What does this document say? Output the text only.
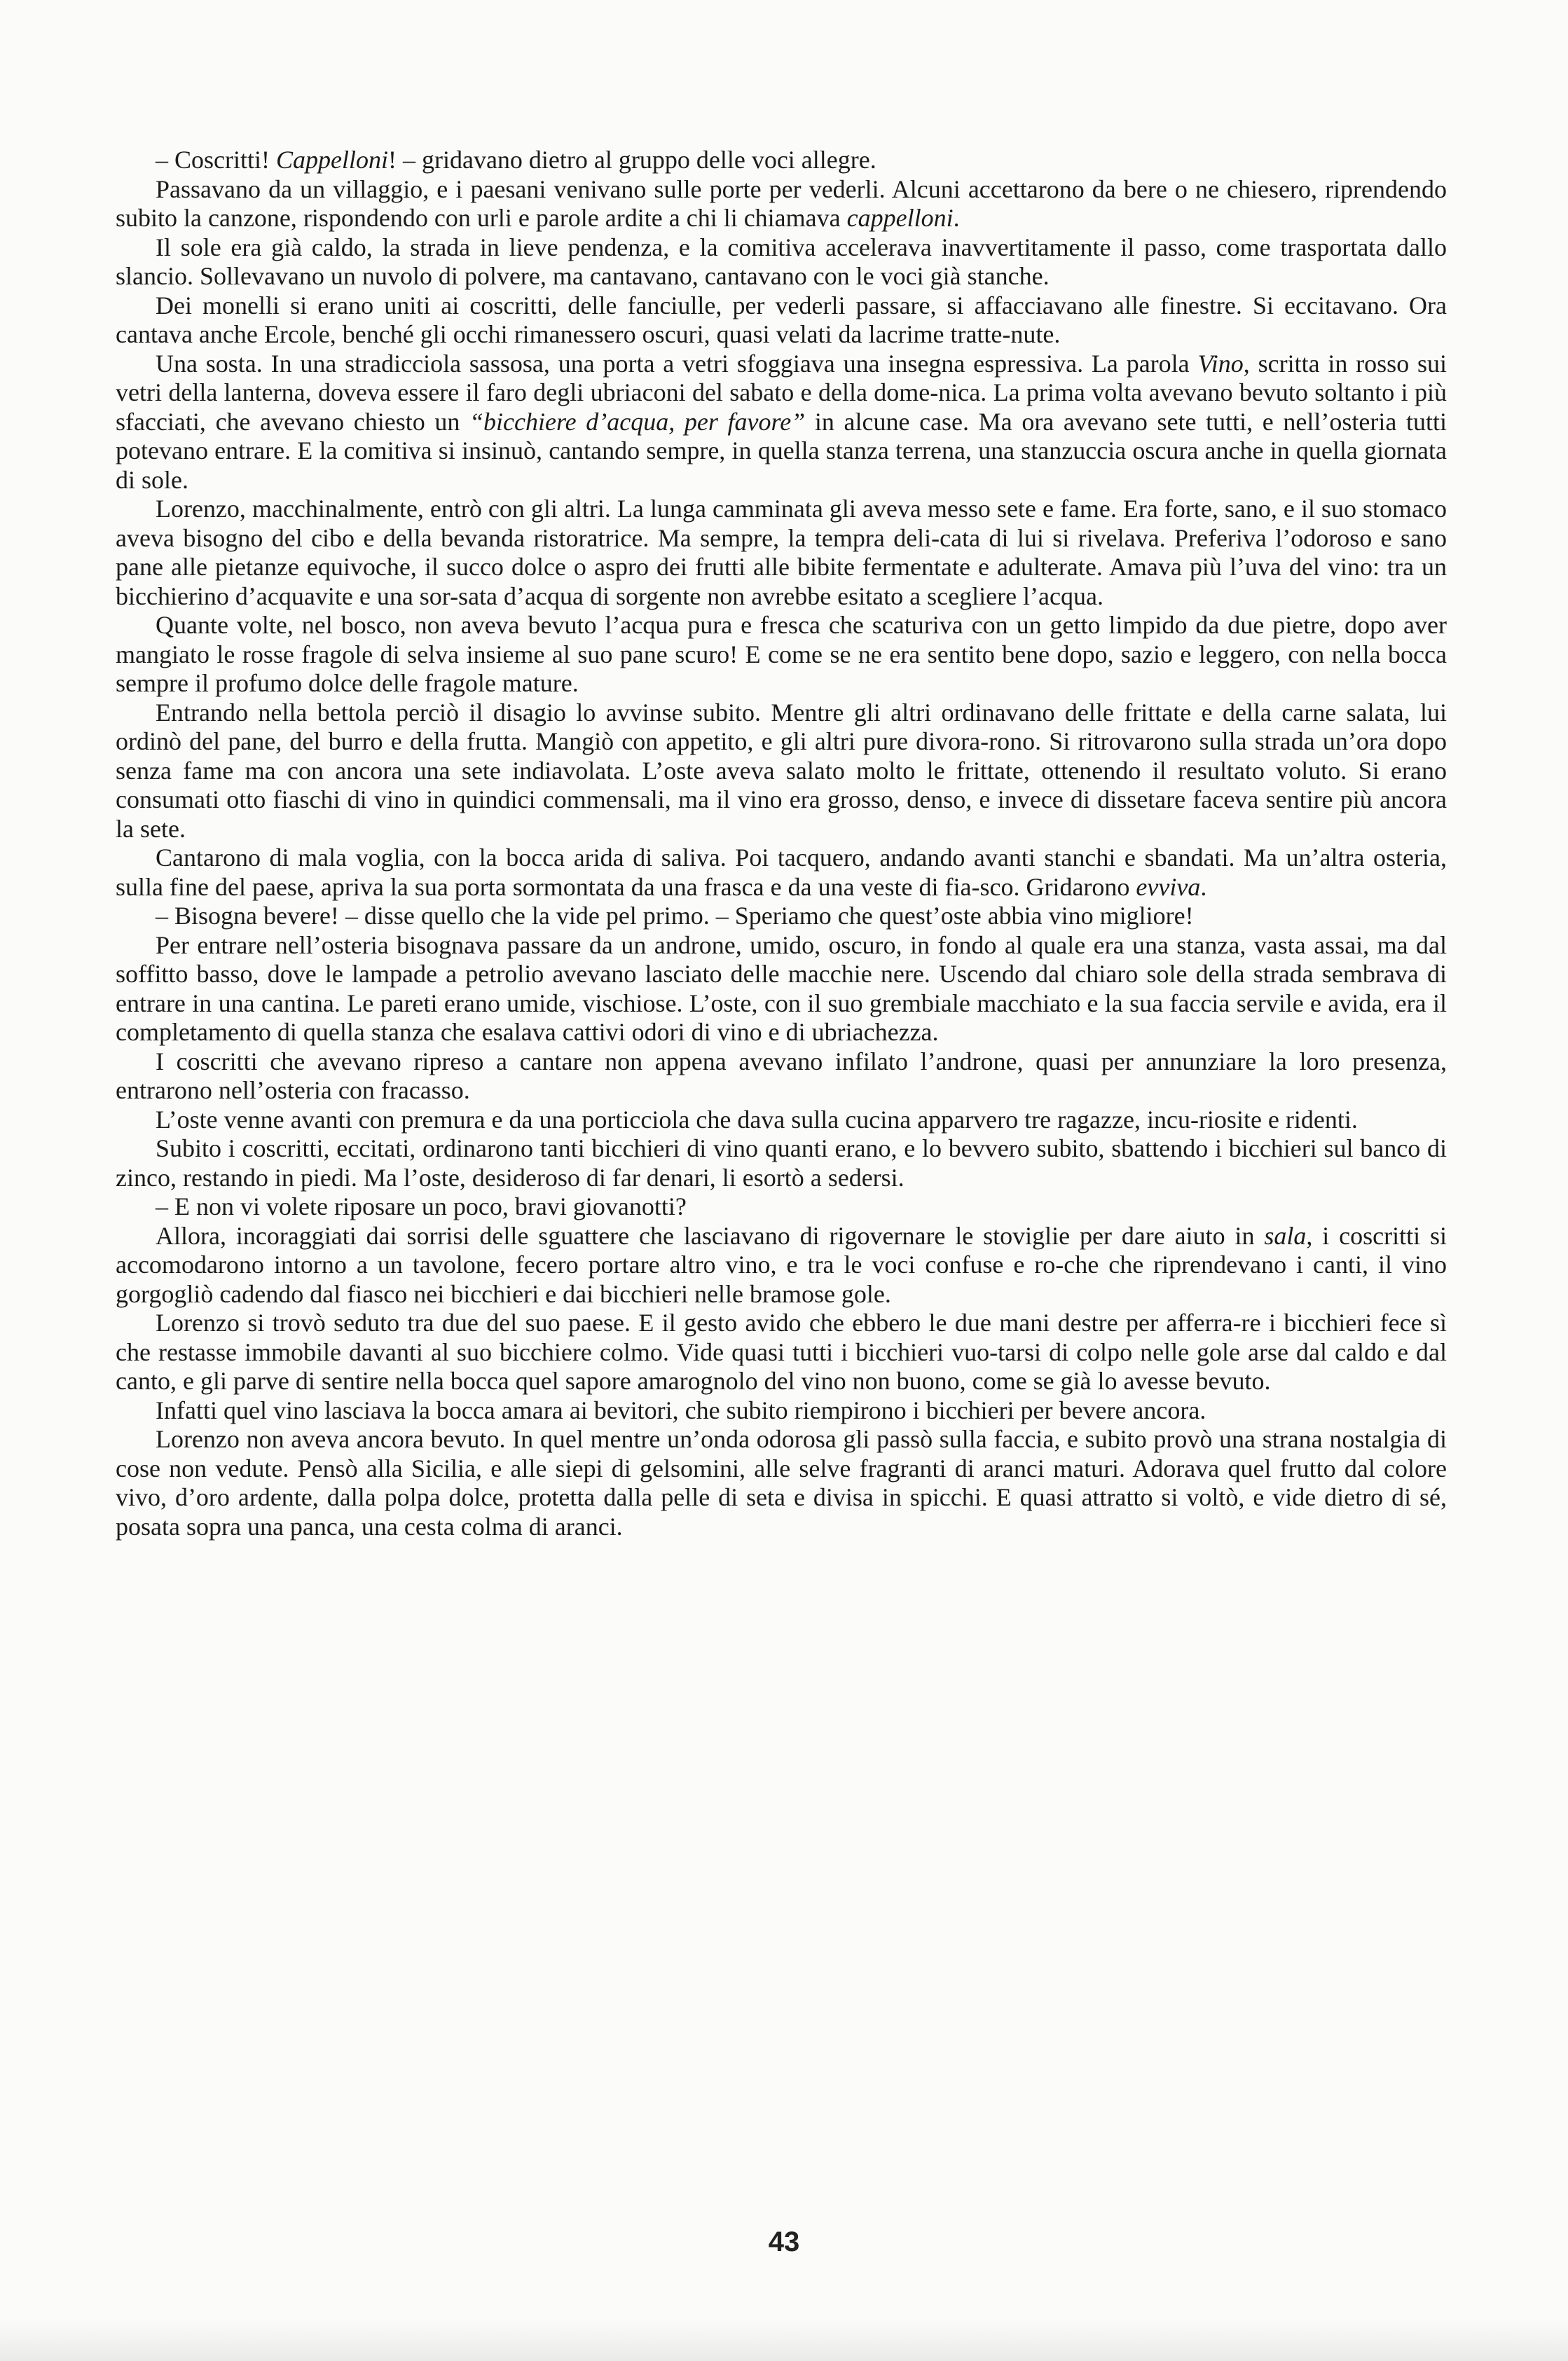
– Coscritti! Cappelloni! – gridavano dietro al gruppo delle voci allegre.

Passavano da un villaggio, e i paesani venivano sulle porte per vederli. Alcuni accettarono da bere o ne chiesero, riprendendo subito la canzone, rispondendo con urli e parole ardite a chi li chiamava cappelloni.

Il sole era già caldo, la strada in lieve pendenza, e la comitiva accelerava inavvertitamente il passo, come trasportata dallo slancio. Sollevavano un nuvolo di polvere, ma cantavano, cantavano con le voci già stanche.

Dei monelli si erano uniti ai coscritti, delle fanciulle, per vederli passare, si affacciavano alle finestre. Si eccitavano. Ora cantava anche Ercole, benché gli occhi rimanessero oscuri, quasi velati da lacrime tratte-nute.

Una sosta. In una stradicciola sassosa, una porta a vetri sfoggiava una insegna espressiva. La parola Vino, scritta in rosso sui vetri della lanterna, doveva essere il faro degli ubriaconi del sabato e della dome-nica. La prima volta avevano bevuto soltanto i più sfacciati, che avevano chiesto un “bicchiere d’acqua, per favore” in alcune case. Ma ora avevano sete tutti, e nell’osteria tutti potevano entrare. E la comitiva si insinuò, cantando sempre, in quella stanza terrena, una stanzuccia oscura anche in quella giornata di sole.

Lorenzo, macchinalmente, entrò con gli altri. La lunga camminata gli aveva messo sete e fame. Era forte, sano, e il suo stomaco aveva bisogno del cibo e della bevanda ristoratrice. Ma sempre, la tempra deli-cata di lui si rivelava. Preferiva l’odoroso e sano pane alle pietanze equivoche, il succo dolce o aspro dei frutti alle bibite fermentate e adulterate. Amava più l’uva del vino: tra un bicchierino d’acquavite e una sor-sata d’acqua di sorgente non avrebbe esitato a scegliere l’acqua.

Quante volte, nel bosco, non aveva bevuto l’acqua pura e fresca che scaturiva con un getto limpido da due pietre, dopo aver mangiato le rosse fragole di selva insieme al suo pane scuro! E come se ne era sentito bene dopo, sazio e leggero, con nella bocca sempre il profumo dolce delle fragole mature.

Entrando nella bettola perciò il disagio lo avvinse subito. Mentre gli altri ordinavano delle frittate e della carne salata, lui ordinò del pane, del burro e della frutta. Mangiò con appetito, e gli altri pure divora-rono. Si ritrovarono sulla strada un’ora dopo senza fame ma con ancora una sete indiavolata. L’oste aveva salato molto le frittate, ottenendo il resultato voluto. Si erano consumati otto fiaschi di vino in quindici commensali, ma il vino era grosso, denso, e invece di dissetare faceva sentire più ancora la sete.

Cantarono di mala voglia, con la bocca arida di saliva. Poi tacquero, andando avanti stanchi e sbandati. Ma un’altra osteria, sulla fine del paese, apriva la sua porta sormontata da una frasca e da una veste di fia-sco. Gridarono evviva.

– Bisogna bevere! – disse quello che la vide pel primo. – Speriamo che quest’oste abbia vino migliore!

Per entrare nell’osteria bisognava passare da un androne, umido, oscuro, in fondo al quale era una stanza, vasta assai, ma dal soffitto basso, dove le lampade a petrolio avevano lasciato delle macchie nere. Uscendo dal chiaro sole della strada sembrava di entrare in una cantina. Le pareti erano umide, vischiose. L’oste, con il suo grembiale macchiato e la sua faccia servile e avida, era il completamento di quella stanza che esalava cattivi odori di vino e di ubriachezza.

I coscritti che avevano ripreso a cantare non appena avevano infilato l’androne, quasi per annunziare la loro presenza, entrarono nell’osteria con fracasso.

L’oste venne avanti con premura e da una porticciola che dava sulla cucina apparvero tre ragazze, incu-riosite e ridenti.

Subito i coscritti, eccitati, ordinarono tanti bicchieri di vino quanti erano, e lo bevvero subito, sbattendo i bicchieri sul banco di zinco, restando in piedi. Ma l’oste, desideroso di far denari, li esortò a sedersi.

– E non vi volete riposare un poco, bravi giovanotti?

Allora, incoraggiati dai sorrisi delle sguattere che lasciavano di rigovernare le stoviglie per dare aiuto in sala, i coscritti si accomodarono intorno a un tavolone, fecero portare altro vino, e tra le voci confuse e ro-che che riprendevano i canti, il vino gorgogliò cadendo dal fiasco nei bicchieri e dai bicchieri nelle bramose gole.

Lorenzo si trovò seduto tra due del suo paese. E il gesto avido che ebbero le due mani destre per afferra-re i bicchieri fece sì che restasse immobile davanti al suo bicchiere colmo. Vide quasi tutti i bicchieri vuo-tarsi di colpo nelle gole arse dal caldo e dal canto, e gli parve di sentire nella bocca quel sapore amarognolo del vino non buono, come se già lo avesse bevuto.

Infatti quel vino lasciava la bocca amara ai bevitori, che subito riempirono i bicchieri per bevere ancora.

Lorenzo non aveva ancora bevuto. In quel mentre un’onda odorosa gli passò sulla faccia, e subito provò una strana nostalgia di cose non vedute. Pensò alla Sicilia, e alle siepi di gelsomini, alle selve fragranti di aranci maturi. Adorava quel frutto dal colore vivo, d’oro ardente, dalla polpa dolce, protetta dalla pelle di seta e divisa in spicchi. E quasi attratto si voltò, e vide dietro di sé, posata sopra una panca, una cesta colma di aranci.

43
